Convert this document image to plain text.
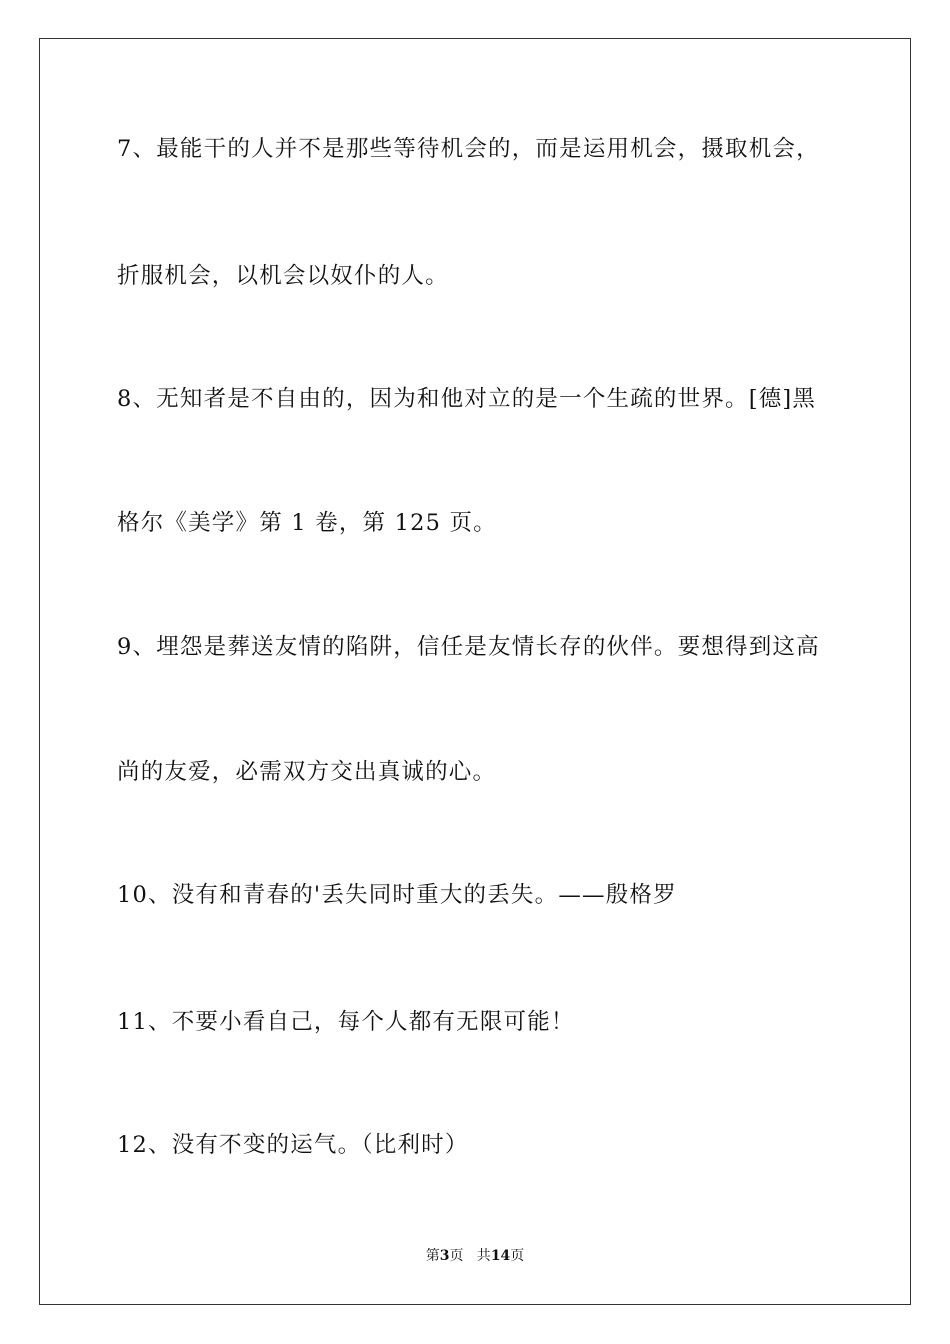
7、最能干的人并不是那些等待机会的，而是运用机会，摄取机会，
折服机会，以机会以奴仆的人。
8、无知者是不自由的，因为和他对立的是一个生疏的世界。[德]黑
格尔《美学》第 1 卷，第 125 页。
9、埋怨是葬送友情的陷阱，信任是友情长存的伙伴。要想得到这高
尚的友爱，必需双方交出真诚的心。
10、没有和青春的'丢失同时重大的丢失。——殷格罗
11、不要小看自己，每个人都有无限可能！
12、没有不变的运气。（比利时）
第3页   共14页
